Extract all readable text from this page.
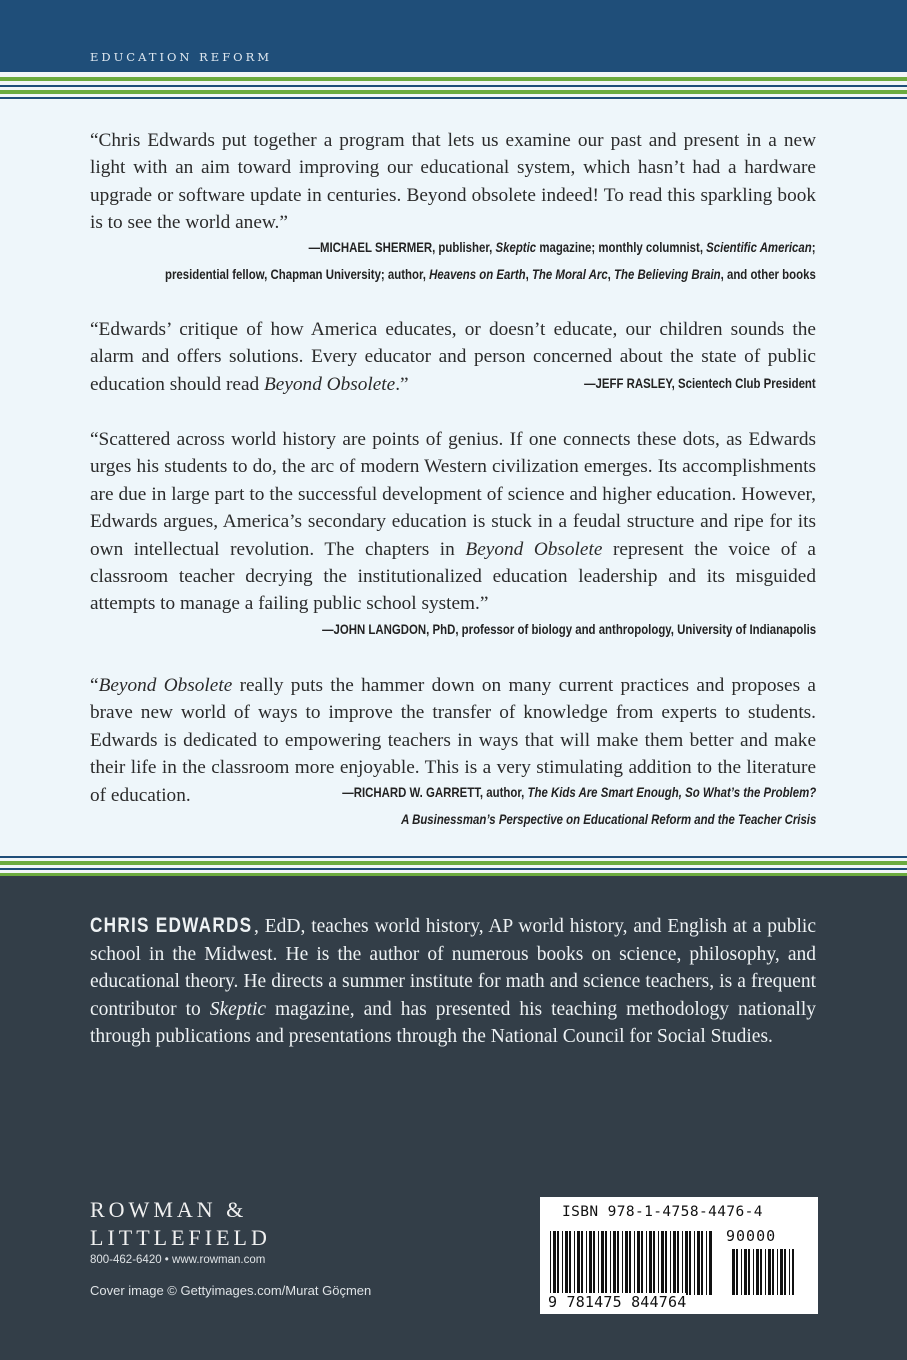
EDUCATION REFORM

“Chris Edwards put together a program that lets us examine our past and present in a new light with an aim toward improving our educational system, which hasn’t had a hardware upgrade or software update in centuries. Beyond obsolete indeed! To read this sparkling book is to see the world anew.”

—MICHAEL SHERMER, publisher, Skeptic magazine; monthly columnist, Scientific American;
presidential fellow, Chapman University; author, Heavens on Earth, The Moral Arc, The Believing Brain, and other books

“Edwards’ critique of how America educates, or doesn’t educate, our children sounds the alarm and offers solutions. Every educator and person concerned about the state of public education should read Beyond Obsolete.”	—JEFF RASLEY, Scientech Club President

“Scattered across world history are points of genius. If one connects these dots, as Edwards urges his students to do, the arc of modern Western civilization emerges. Its accomplishments are due in large part to the successful development of science and higher education. However, Edwards argues, America’s secondary education is stuck in a feudal structure and ripe for its own intellectual revolution. The chapters in Beyond Obsolete represent the voice of a classroom teacher decrying the institutionalized education leadership and its misguided attempts to manage a failing public school system.”

—JOHN LANGDON, PhD, professor of biology and anthropology, University of Indianapolis

“Beyond Obsolete really puts the hammer down on many current practices and proposes a brave new world of ways to improve the transfer of knowledge from experts to students. Edwards is dedicated to empowering teachers in ways that will make them better and make their life in the classroom more enjoyable. This is a very stimulating addition to the literature of education.	—RICHARD W. GARRETT, author, The Kids Are Smart Enough, So What’s the Problem?
A Businessman’s Perspective on Educational Reform and the Teacher Crisis

CHRIS EDWARDS, EdD, teaches world history, AP world history, and English at a public school in the Midwest. He is the author of numerous books on science, philosophy, and educational theory. He directs a summer institute for math and science teachers, is a frequent contributor to Skeptic magazine, and has presented his teaching methodology nationally through publications and presentations through the National Council for Social Studies.

ROWMAN &
LITTLEFIELD
800-462-6420 • www.rowman.com
Cover image © Gettyimages.com/Murat Göçmen
ISBN 978-1-4758-4476-4
90000
9 781475 844764
